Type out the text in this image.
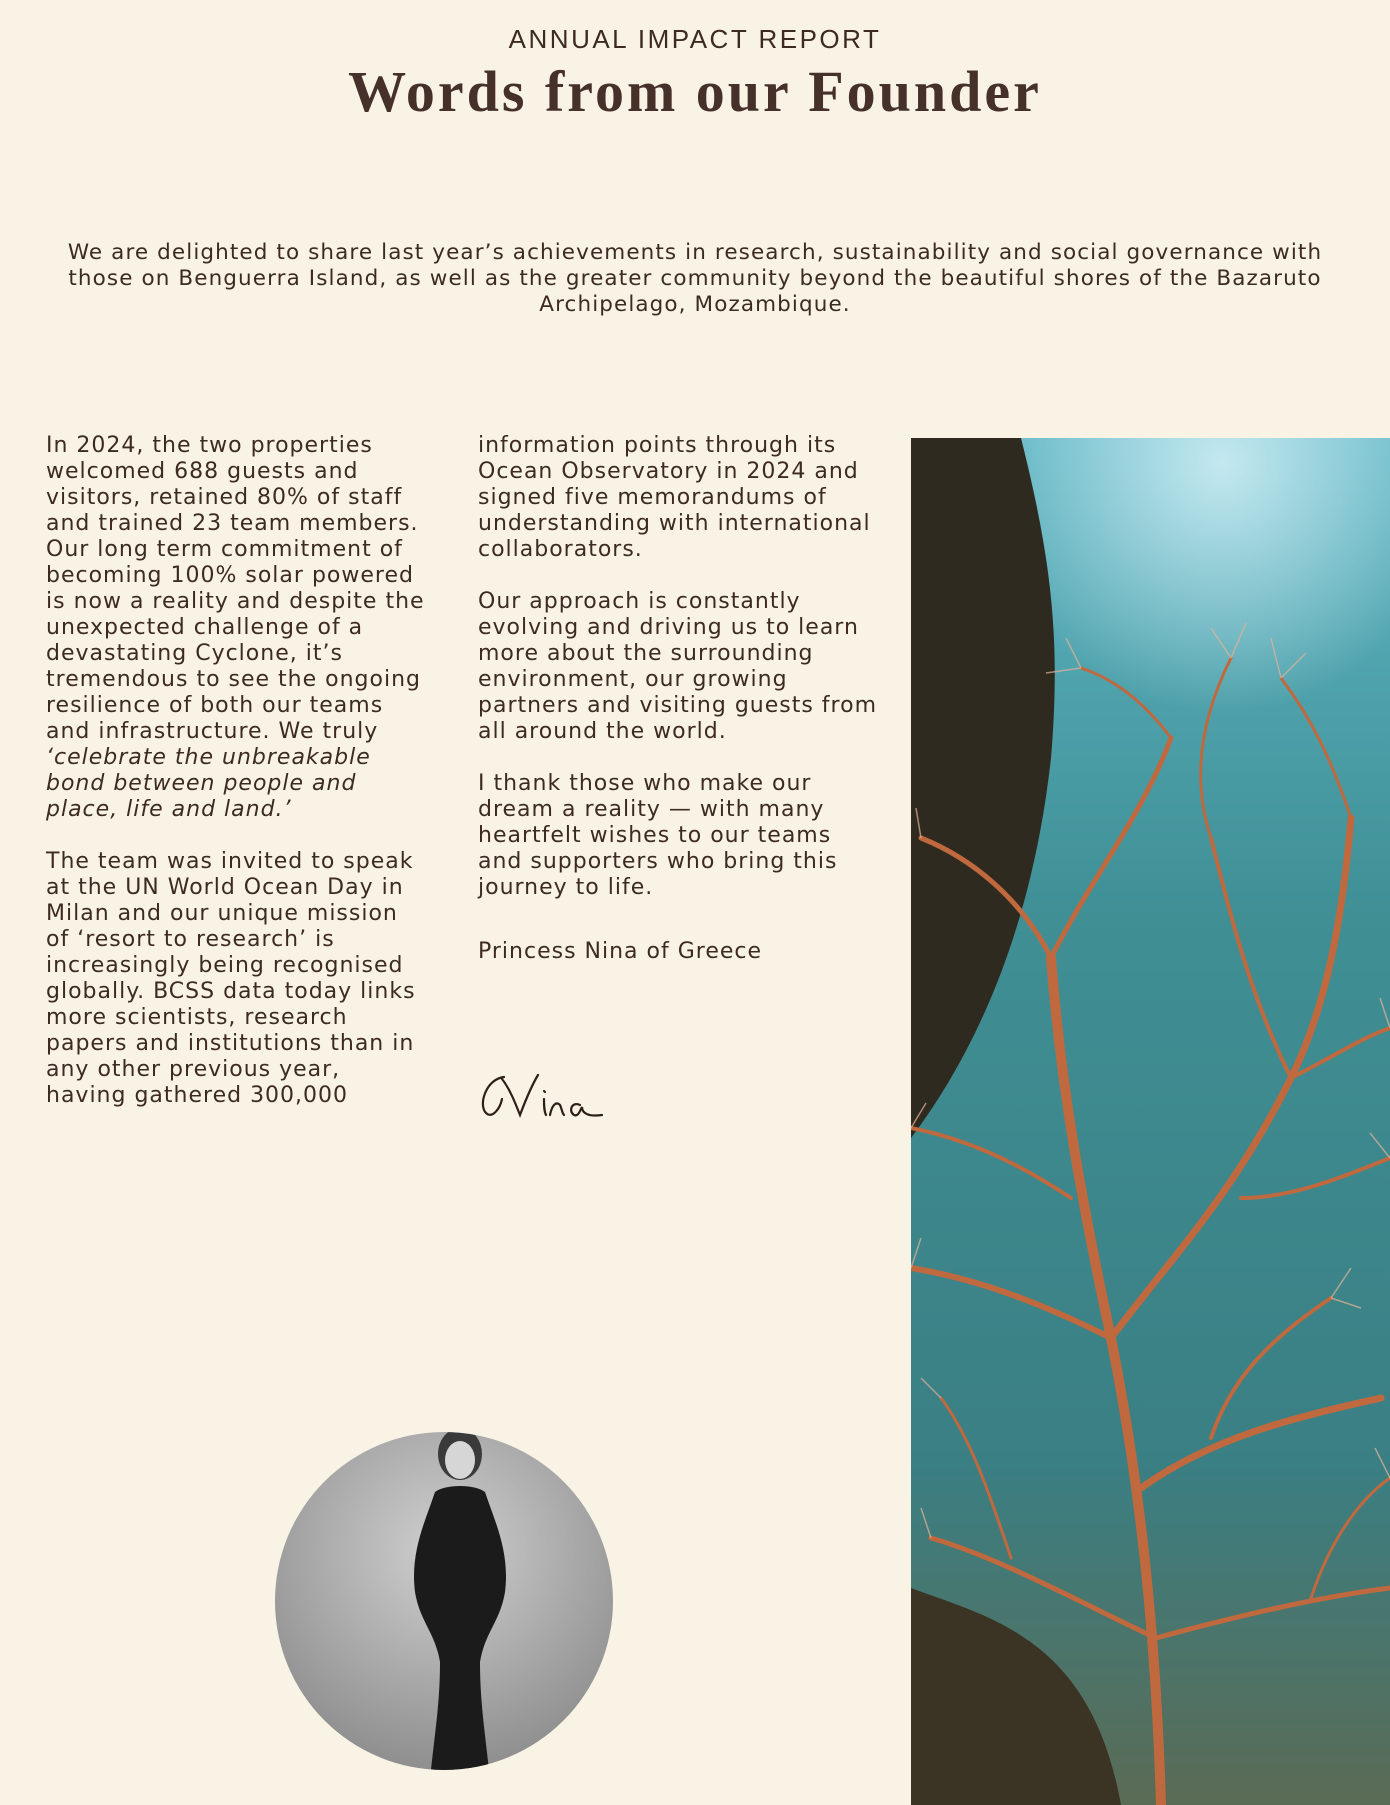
ANNUAL IMPACT REPORT
Words from our Founder

We are delighted to share last year’s achievements in research, sustainability and social governance with those on Benguerra Island, as well as the greater community beyond the beautiful shores of the Bazaruto Archipelago, Mozambique.

In 2024, the two properties welcomed 688 guests and visitors, retained 80% of staff and trained 23 team members. Our long term commitment of becoming 100% solar powered is now a reality and despite the unexpected challenge of a devastating Cyclone, it’s tremendous to see the ongoing resilience of both our teams and infrastructure. We truly ‘celebrate the unbreakable bond between people and place, life and land.’

The team was invited to speak at the UN World Ocean Day in Milan and our unique mission of ‘resort to research’ is increasingly being recognised globally. BCSS data today links more scientists, research papers and institutions than in any other previous year, having gathered 300,000

information points through its Ocean Observatory in 2024 and signed five memorandums of understanding with international collaborators.

Our approach is constantly evolving and driving us to learn more about the surrounding environment, our growing partners and visiting guests from all around the world.

I thank those who make our dream a reality — with many heartfelt wishes to our teams and supporters who bring this journey to life.

Princess Nina of Greece
